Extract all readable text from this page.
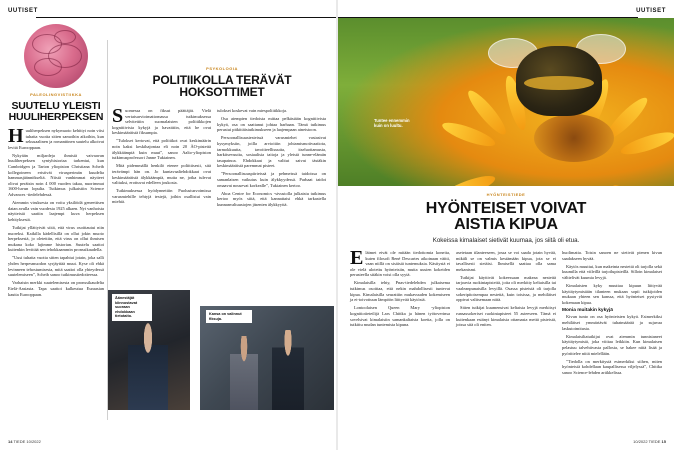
UUTISET
PALEOLINGVISTIIKKA
SUUTELU YLEISTI HUULIHERPEKSEN

Huuliherpeksen nykymuoto kehittyi noin viisi tuhatta vuotta sitten samoihin aikoihin, kun seksuaalinen ja romanttinen suutelu alkoivat levitä Eurooppaan.

Nykyään miljardeja ihmisiä vaivaavan huuliherpeksen syntyhistoriaa tarkentui, kun Cambridgen ja Tarton yliopiston Christiana Scheib kollegoineen eristivät virusperimän kuudelta hammasjäännökseltä. Niistä vanhimmat näytteet olivat peräisin noin 4 000 vuoden takaa, nuorimmat 1600-luvun lopulta. Tutkimus julkaistiin Science Advances -tiedelehdessä.

Aiemmin viruksesta on voitu yksilöidä geneettisen datan avulla vain vuodesta 1925 alkaen. Nyt vanhoista näytteistä saatiin laajempi kuva herpeksen kehityksestä.

Tutkijat yllättyivät siitä, että virus osoittautui niin nuoreksi. Kaikilla kädellisillä on ollut jokin muoto herpeksestä, jo oletettiin, että virus on ollut ihmisen mukana koko lajimme historian. Suutelu saattoi kuitenkin levittää sen tehokkaammin pronssikaudella.

”Uusi tuhatta vuotta sitten tapahtui jotain, joka salli yhden herpesmuodon syrjäyttää muut. Kyse oli ehkä levinneen tehostumisesta, mitä saattoi olla yhteydessä suutelemiseen”, Scheib sanoo tutkimustiedotteessa.

Varhaisin merkki suutelemisesta on pronssikaudelta Etelä-Aasiasta. Tapa saattoi kulkeutua Euraasian kautta Eurooppaan.

PSYKOLOGIA
POLITIIKOLLA TERÄVÄT HOKSOTTIMET

Suomessa on fiksut päättäjät. Vielä vertaisarvioimattomassa tutkimuksessa selvitettiin suomalaisten poliitikkojen kognitiivisia kykyjä ja havaittiin, että he ovat keskimääräistä fiksumpia.

”Tulokset kertovat, että poliitikot ovat keskimäärin noin kaksi keskihajontaa eli noin 20 ÄO-pistettä älykkäämpiä kuin muut”, sanoo Aalto-yliopiston tutkimusprofessori Janne Tukiainen.

Mitä pidemmällä henkilö etenee poliittisesti, sitä terävämpi hän on. Jo kuntavaaliehdokkaat ovat keskimääräistä älykkäämpiä, mutta ne, jotka tulevat valituksi, erottuvat edelleen joukosta.

Tutkimuksessa hyödynnettiin Puolustusvoimissa varusmiehille tehtyjä testejä, joihin osallistui vain miehiä.

tulokset koskevat vain miespoliitikkoja.

Osa aiempien tiedoista mittaa pelkästään kognitiivista kykyä, osa on saattanut johtaa harhaan. Tämä tutkimus perustui pitkittäistutkimukseen ja laajempaan aineistoon.

Persoonallisuustesteissä varusmiehet vastasivat kysymyksiin, joilla arvioitiin johtamismotivaatiota, tarmokkuutta, tavoitteellisuutta, itseluottamusta, harkitsevuutta, sosiaalisia taitoja ja yleistä tunne-elämän tasapainoa. Ehdokkaat ja valitut saivat tästäkin keskimääräistä paremmat pisteet.

”Persoonallisuuspiirteissä ja pehmeissä taidoissa on samanlaisen vaikutus kuin älykkyydessä. Parhaat taidot omaavat nousevat korkealle”, Tukiainen kertoo.

Aboa Centre for Economics -sivustolla julkaistu tutkimus kertoo myös siitä, että kannattaisi ehkä tarkastella kunnanvaltuustojen jäsenten älykkyyttä.

Äänestäjät kiinnostavat suoraan ehdokkaan tietotaito.
Kansa on valinnut fiksuja.
14 TIEDE 10/2022
UUTISET
Tuntee ennemmin kuin on luultu.
HYÖNTEISTIEDE
HYÖNTEISET VOIVAT AISTIA KIPUA
Kokeissa kimalaiset sietivät kuumaa, jos siitä oli etua.

Eläimet eivät ole mitään tiedottomia koneita, kuten filosofi René Descartes aikoinaan väitti, vaan niillä on sisäisiä tuntemuksia. Käsitystä ei ole vielä ulotettu hyönteisiin, mutta uusien kokeiden perusteella sitäkin voisi olla syytä.

Kimalaisilla tehty, Pnas-tiedelehden julkaisema tutkimus osoittaa, että nekin mahdollisesti tuntevat kipua. Kimalaisilla seurattiin mukavuuden kokemiseen ja ei-toivottuun lämpöön liittyvää käytöstä.

Lontoolaisen Queen Mary -yliopiston kognitiotieteilijä Lars Chittka ja hänen työtoverinsa sovelsivat kimalaisiin samankaltaista koetta, jolla on tutkittu mudan tuntemista kipuna.

asetetaan tilanteeseen, jossa se voi saada jotain hyvää, mikäli se on valmis kestämään kipua, jota se ei tavallisesti sietäisi. Ihmisellä saattaa olla sama mekanismi.

Tutkijat käyttivät kokeessaan makeaa nestettä tarjoavia ruokintapisteitä, joita oli merkitty keltaisilla tai vaaleanpunaisilla levyillä. Osassa pisteistä oli tarjolla sokeripitoisempaa nestettä, kuin toisissa, ja mehiläiset oppivat valitsemaan niitä.

Sitten tutkijat kuumensivat keltaisia levyjä merkitsyt runsassokeriset ruokintapisteet 55 asteeseen. Tämä ei kuitenkaan estänyt kimalaisia ottamasta mettä pisteistä, joissa sitä oli eniten.

huolimatta. Toisin sanoen ne sietivät pienen kivun saadakseen hyvää.

Käytös muuttui, kun makeinta nestettä oli tarjolla sekä kuumilla että viileillä tarjoilupisteillä. Silloin kimalaiset välttelivät kuumia levyjä.

Kimalaisten kyky muuttaa kipuun liittyvää käyttäytymistään tilanteen mukaan sopii tutkijoiden mukaan yhteen sen kanssa, että hyönteiset pystyvät kokemaan kipua.

Monia muitakin kykyjä

Kivun tunto on osa hyönteisten kykyä. Esimerkiksi mehiläiset ymmärtävät tuhatmäärää ja sujuvaa laskutoimitusta.

Kimalaisiltatutkijat ovat aiemmin tunnistaneet käyttäytymistä, joka viittaa leikkiin. Kun kimalaisen pelastuu talvehtivasta pallosta, se hakee niitä lisää ja pyörittelee niitä mielellään.

”Tiedolla on merkitystä esimerkiksi siihen, miten hyönteisiä kohdellaan kaupallisessa viljelyssä”, Chittka sanoo Science-lehden artikkelissa.

10/2022 TIEDE 15
